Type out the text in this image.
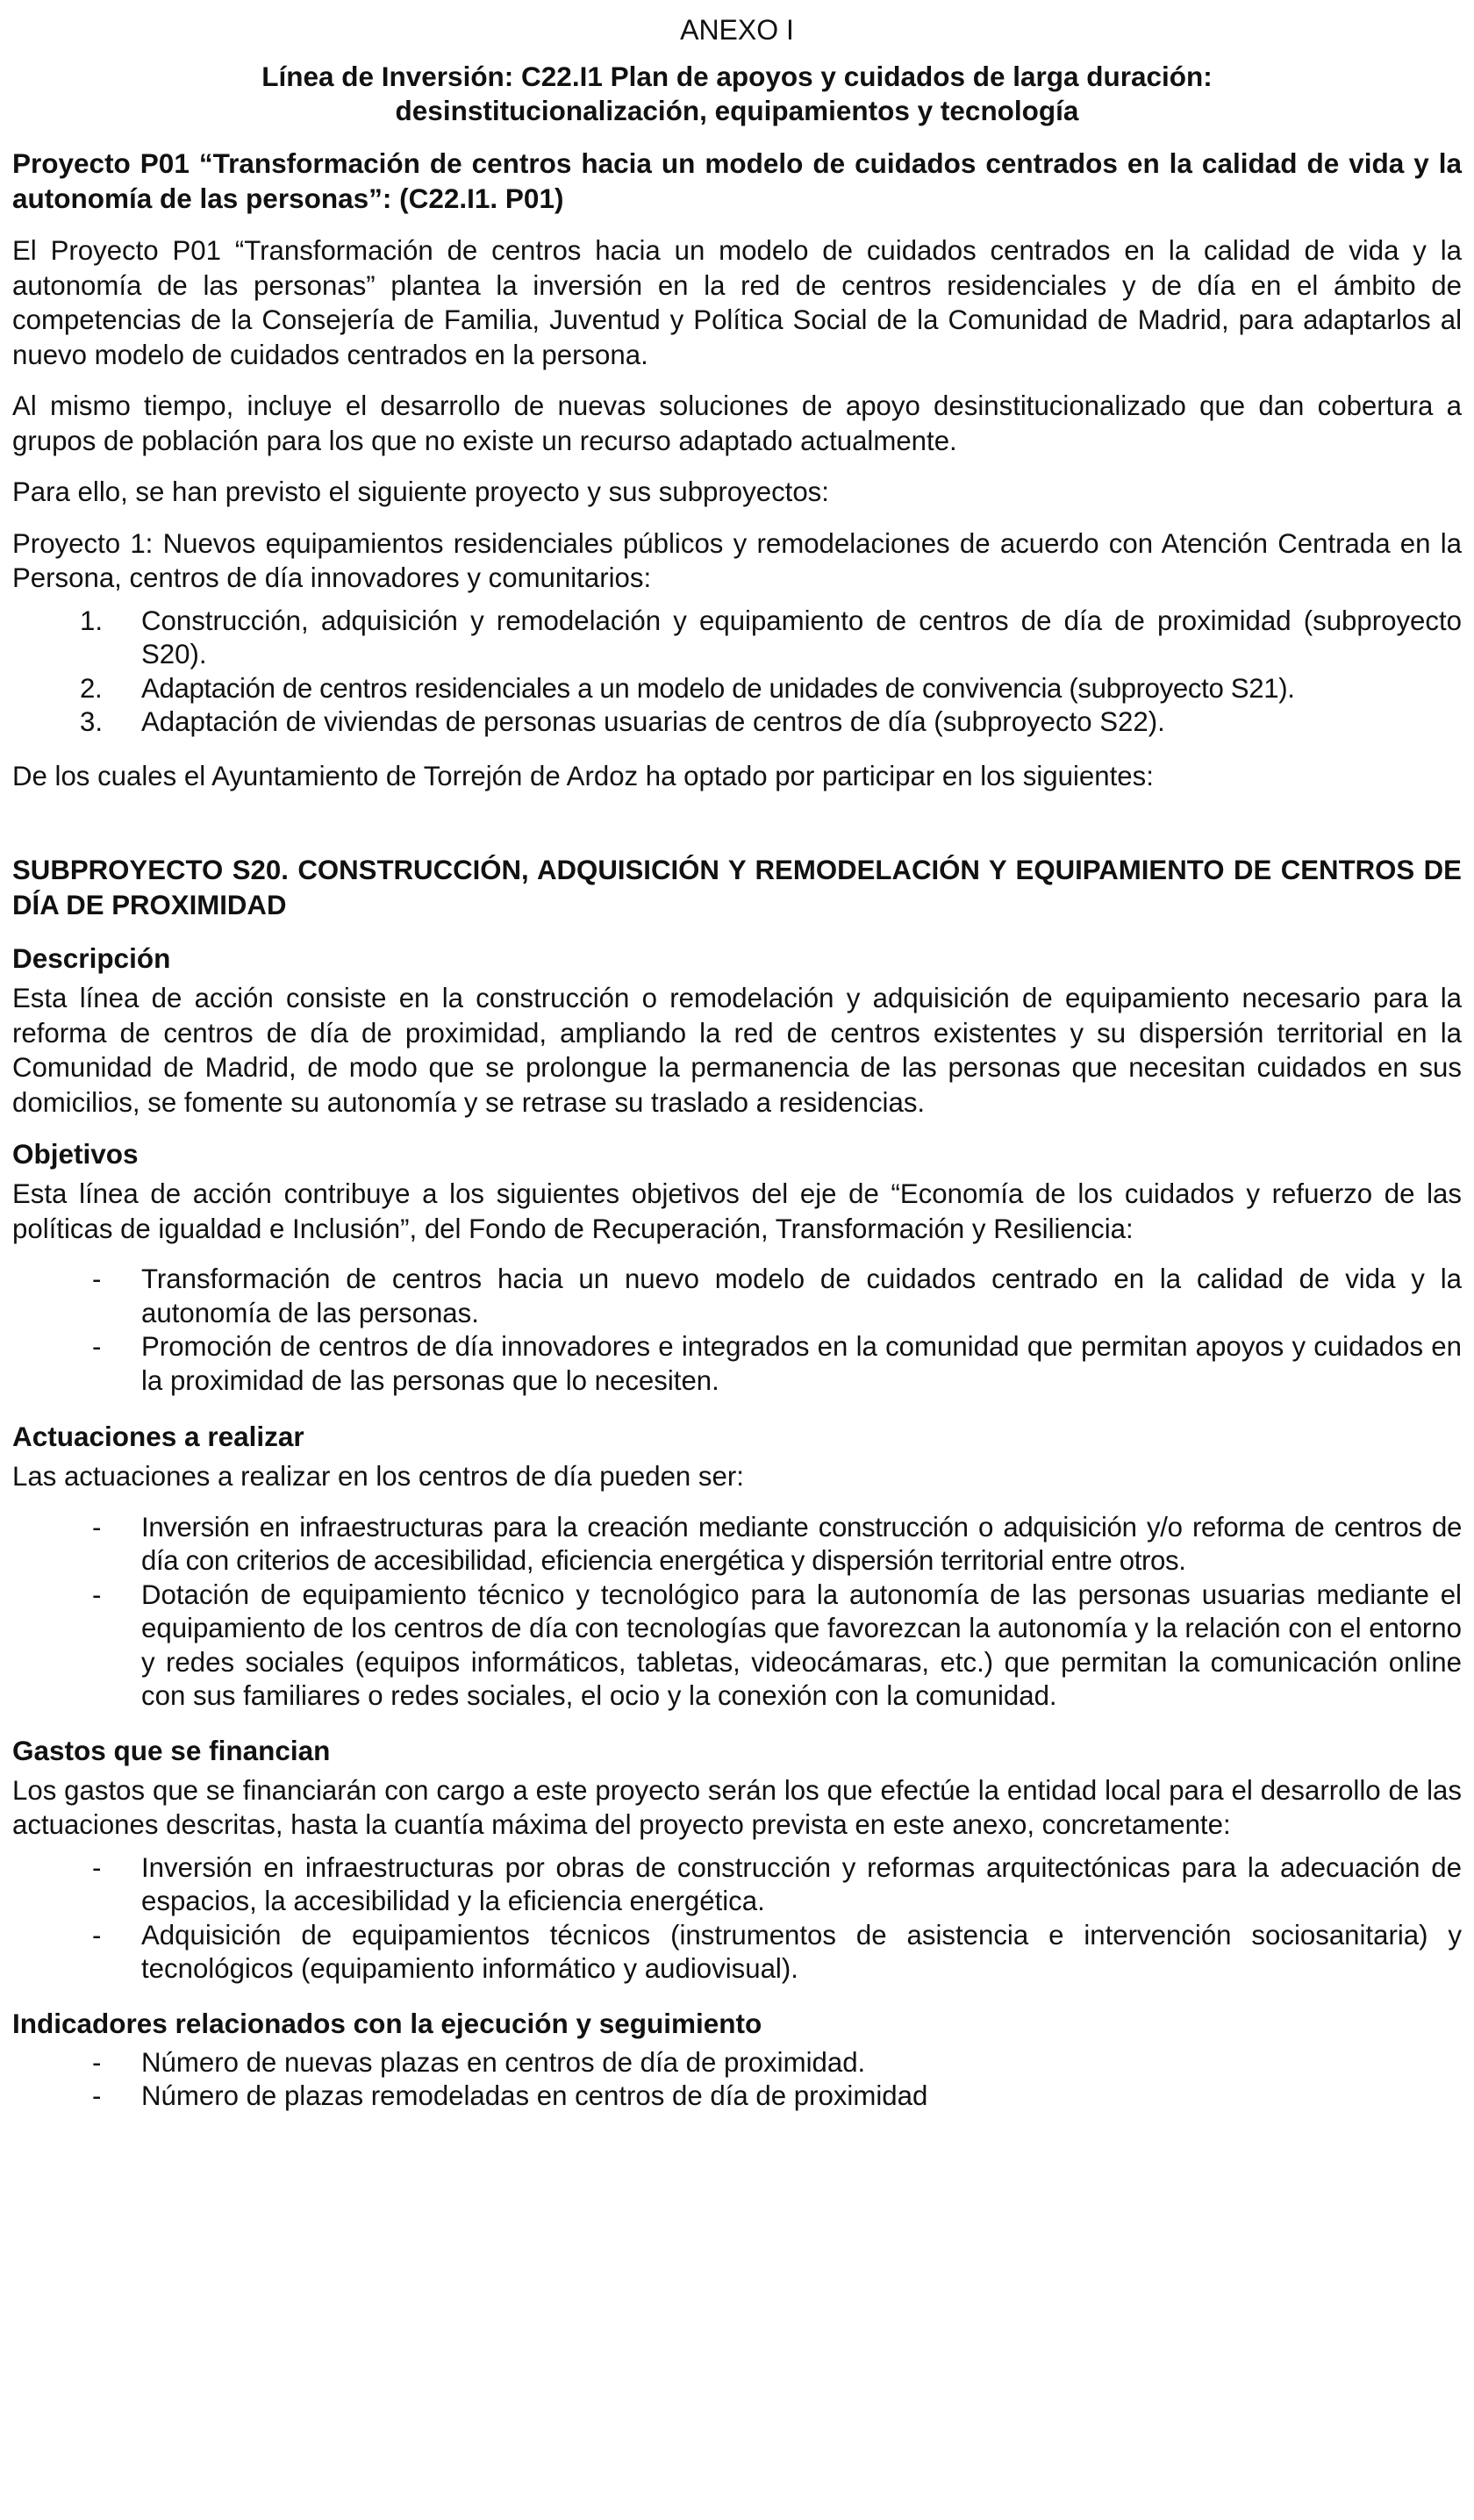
ANEXO I
Línea de Inversión: C22.I1 Plan de apoyos y cuidados de larga duración:
desinstitucionalización, equipamientos y tecnología
Proyecto P01 “Transformación de centros hacia un modelo de cuidados centrados en la calidad de vida y la autonomía de las personas”: (C22.I1. P01)

El Proyecto P01 “Transformación de centros hacia un modelo de cuidados centrados en la calidad de vida y la autonomía de las personas” plantea la inversión en la red de centros residenciales y de día en el ámbito de competencias de la Consejería de Familia, Juventud y Política Social de la Comunidad de Madrid, para adaptarlos al nuevo modelo de cuidados centrados en la persona.

Al mismo tiempo, incluye el desarrollo de nuevas soluciones de apoyo desinstitucionalizado que dan cobertura a grupos de población para los que no existe un recurso adaptado actualmente.

Para ello, se han previsto el siguiente proyecto y sus subproyectos:

Proyecto 1: Nuevos equipamientos residenciales públicos y remodelaciones de acuerdo con Atención Centrada en la Persona, centros de día innovadores y comunitarios:

1. Construcción, adquisición y remodelación y equipamiento de centros de día de proximidad (subproyecto S20).
2. Adaptación de centros residenciales a un modelo de unidades de convivencia (subproyecto S21).
3. Adaptación de viviendas de personas usuarias de centros de día (subproyecto S22).

De los cuales el Ayuntamiento de Torrejón de Ardoz ha optado por participar en los siguientes:

SUBPROYECTO S20. CONSTRUCCIÓN, ADQUISICIÓN Y REMODELACIÓN Y EQUIPAMIENTO DE CENTROS DE DÍA DE PROXIMIDAD
Descripción

Esta línea de acción consiste en la construcción o remodelación y adquisición de equipamiento necesario para la reforma de centros de día de proximidad, ampliando la red de centros existentes y su dispersión territorial en la Comunidad de Madrid, de modo que se prolongue la permanencia de las personas que necesitan cuidados en sus domicilios, se fomente su autonomía y se retrase su traslado a residencias.

Objetivos

Esta línea de acción contribuye a los siguientes objetivos del eje de “Economía de los cuidados y refuerzo de las políticas de igualdad e Inclusión”, del Fondo de Recuperación, Transformación y Resiliencia:

- Transformación de centros hacia un nuevo modelo de cuidados centrado en la calidad de vida y la autonomía de las personas.
- Promoción de centros de día innovadores e integrados en la comunidad que permitan apoyos y cuidados en la proximidad de las personas que lo necesiten.
Actuaciones a realizar

Las actuaciones a realizar en los centros de día pueden ser:

- Inversión en infraestructuras para la creación mediante construcción o adquisición y/o reforma de centros de día con criterios de accesibilidad, eficiencia energética y dispersión territorial entre otros.
- Dotación de equipamiento técnico y tecnológico para la autonomía de las personas usuarias mediante el equipamiento de los centros de día con tecnologías que favorezcan la autonomía y la relación con el entorno y redes sociales (equipos informáticos, tabletas, videocámaras, etc.) que permitan la comunicación online con sus familiares o redes sociales, el ocio y la conexión con la comunidad.
Gastos que se financian

Los gastos que se financiarán con cargo a este proyecto serán los que efectúe la entidad local para el desarrollo de las actuaciones descritas, hasta la cuantía máxima del proyecto prevista en este anexo, concretamente:

- Inversión en infraestructuras por obras de construcción y reformas arquitectónicas para la adecuación de espacios, la accesibilidad y la eficiencia energética.
- Adquisición de equipamientos técnicos (instrumentos de asistencia e intervención sociosanitaria) y tecnológicos (equipamiento informático y audiovisual).
Indicadores relacionados con la ejecución y seguimiento
- Número de nuevas plazas en centros de día de proximidad.
- Número de plazas remodeladas en centros de día de proximidad
